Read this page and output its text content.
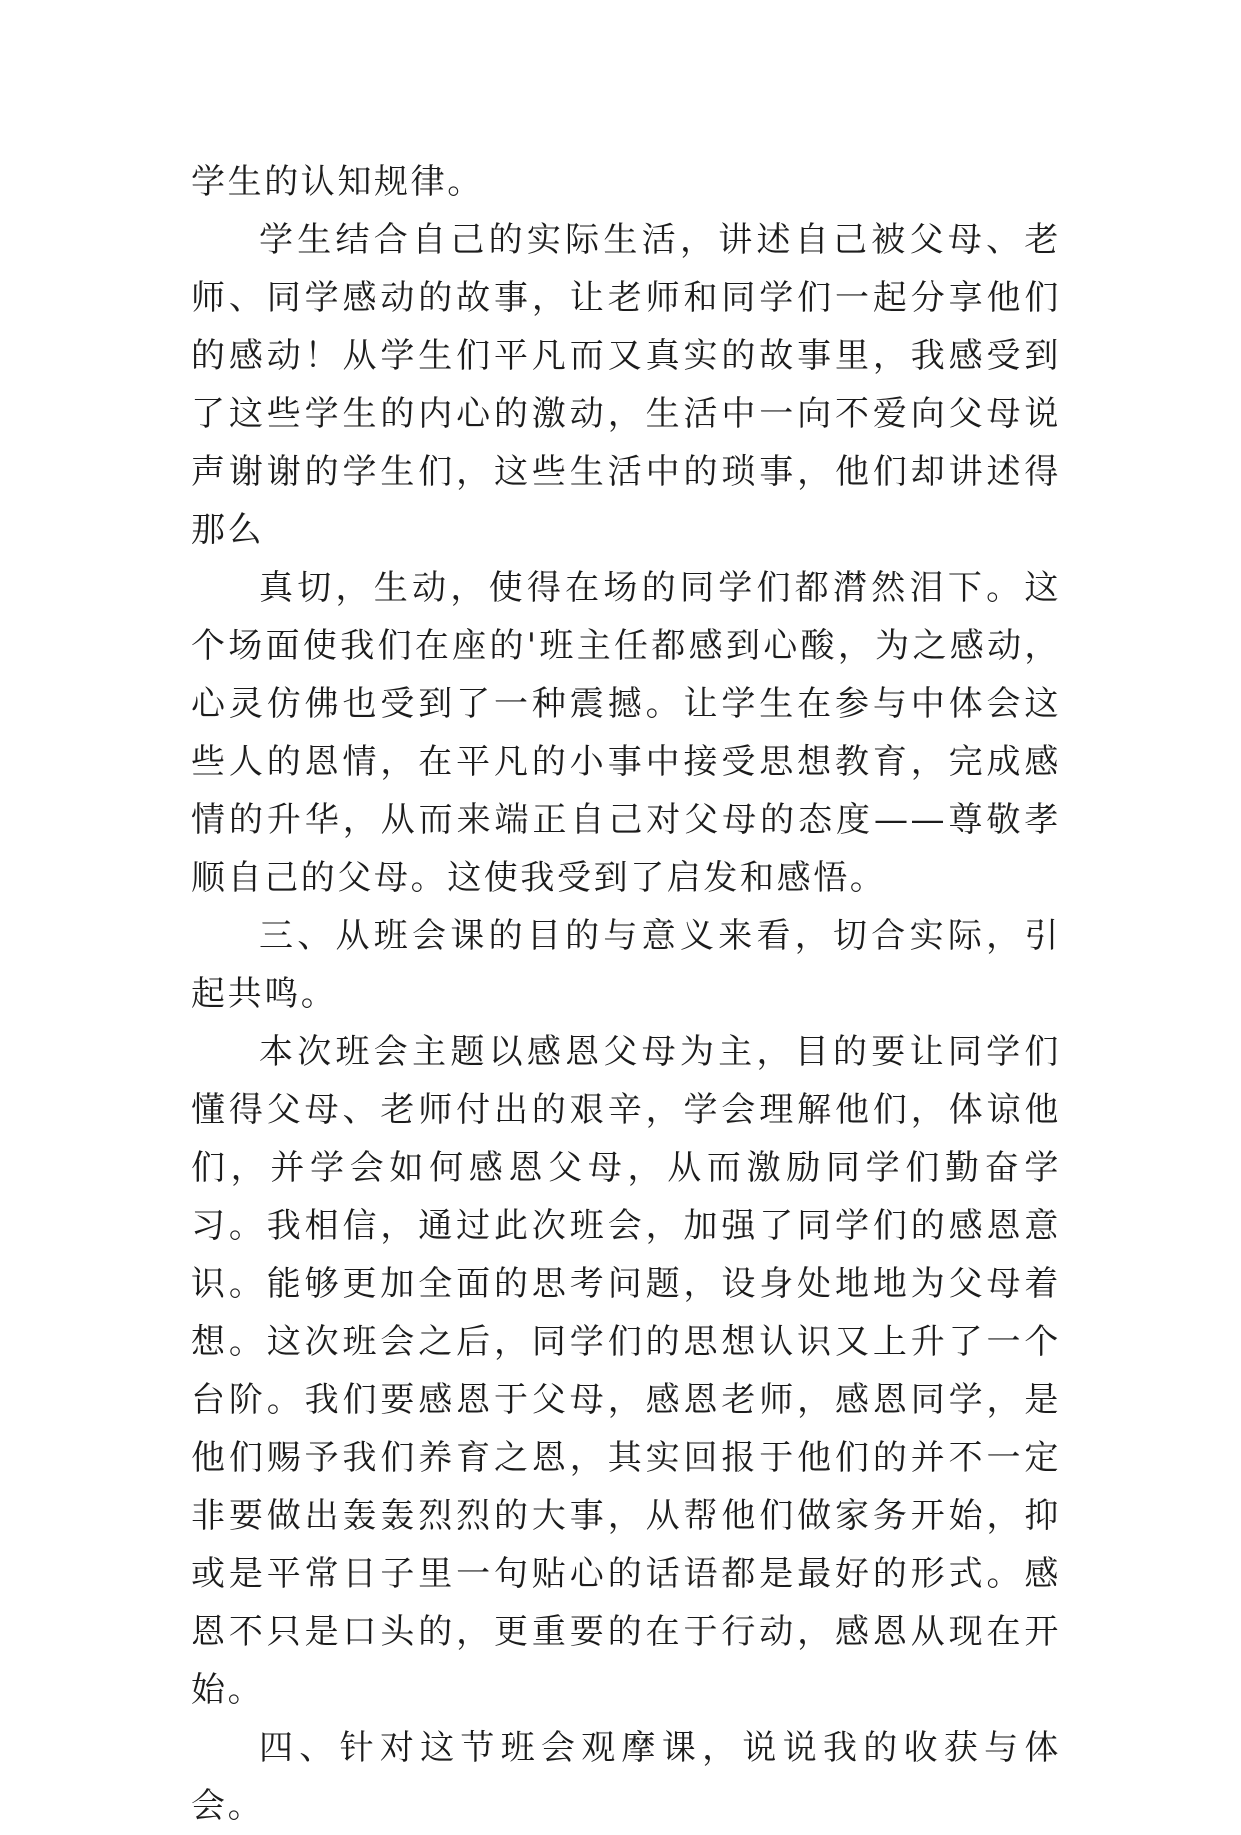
学生的认知规律。

学生结合自己的实际生活，讲述自己被父母、老师、同学感动的故事，让老师和同学们一起分享他们的感动！从学生们平凡而又真实的故事里，我感受到了这些学生的内心的激动，生活中一向不爱向父母说声谢谢的学生们，这些生活中的琐事，他们却讲述得那么

真切，生动，使得在场的同学们都潸然泪下。这个场面使我们在座的'班主任都感到心酸，为之感动，心灵仿佛也受到了一种震撼。让学生在参与中体会这些人的恩情，在平凡的小事中接受思想教育，完成感情的升华，从而来端正自己对父母的态度——尊敬孝顺自己的父母。这使我受到了启发和感悟。

三、从班会课的目的与意义来看，切合实际，引起共鸣。

本次班会主题以感恩父母为主，目的要让同学们懂得父母、老师付出的艰辛，学会理解他们，体谅他们，并学会如何感恩父母，从而激励同学们勤奋学习。我相信，通过此次班会，加强了同学们的感恩意识。能够更加全面的思考问题，设身处地地为父母着想。这次班会之后，同学们的思想认识又上升了一个台阶。我们要感恩于父母，感恩老师，感恩同学，是他们赐予我们养育之恩，其实回报于他们的并不一定非要做出轰轰烈烈的大事，从帮他们做家务开始，抑或是平常日子里一句贴心的话语都是最好的形式。感恩不只是口头的，更重要的在于行动，感恩从现在开始。

四、针对这节班会观摩课，说说我的收获与体会。
